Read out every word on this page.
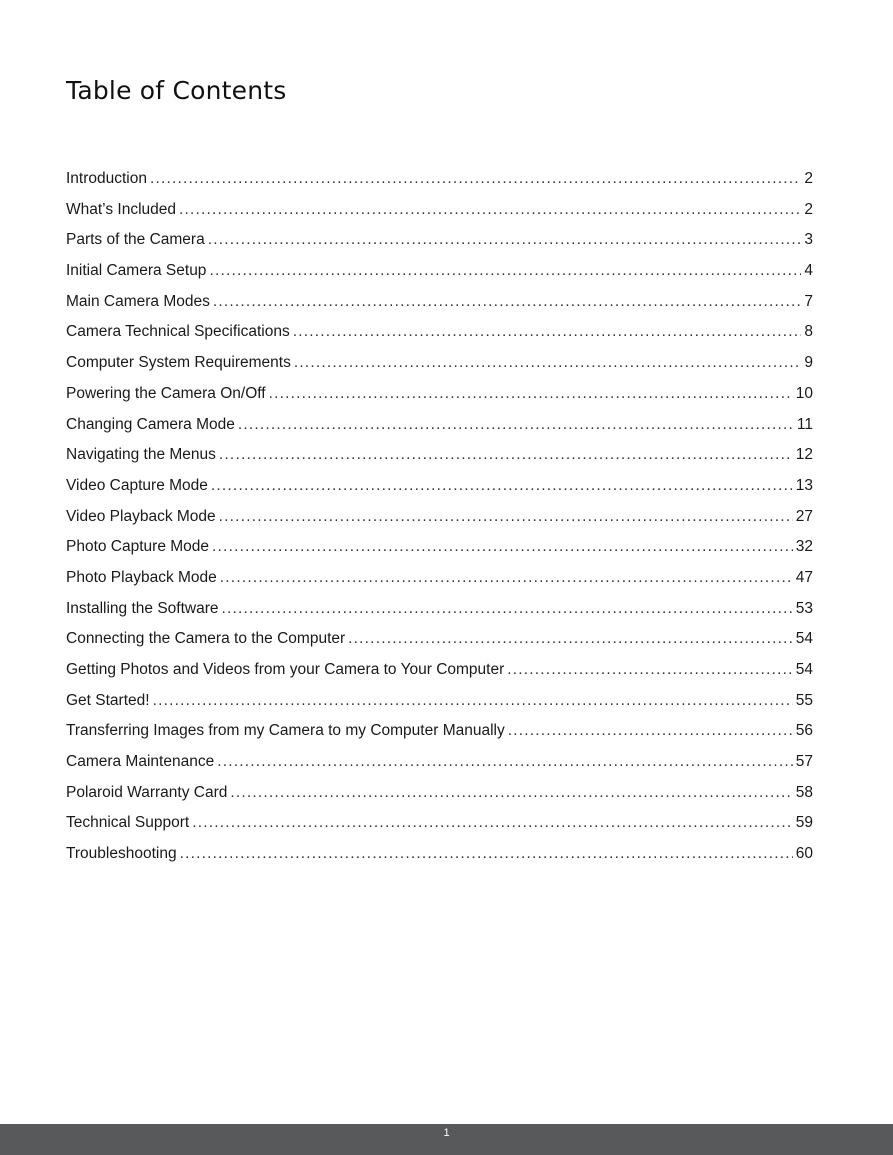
Table of Contents
Introduction .....	2
What’s Included .....	2
Parts of the Camera .....	3
Initial Camera Setup .....	4
Main Camera Modes .....	7
Camera Technical Specifications .....	8
Computer System Requirements .....	9
Powering the Camera On/Off .....	10
Changing Camera Mode .....	11
Navigating the Menus .....	12
Video Capture Mode .....	13
Video Playback Mode .....	27
Photo Capture Mode .....	32
Photo Playback Mode .....	47
Installing the Software .....	53
Connecting the Camera to the Computer .....	54
Getting Photos and Videos from your Camera to Your Computer .....	54
Get Started! .....	55
Transferring Images from my Camera to my Computer Manually .....	56
Camera Maintenance .....	57
Polaroid Warranty Card .....	58
Technical Support .....	59
Troubleshooting .....	60
1
